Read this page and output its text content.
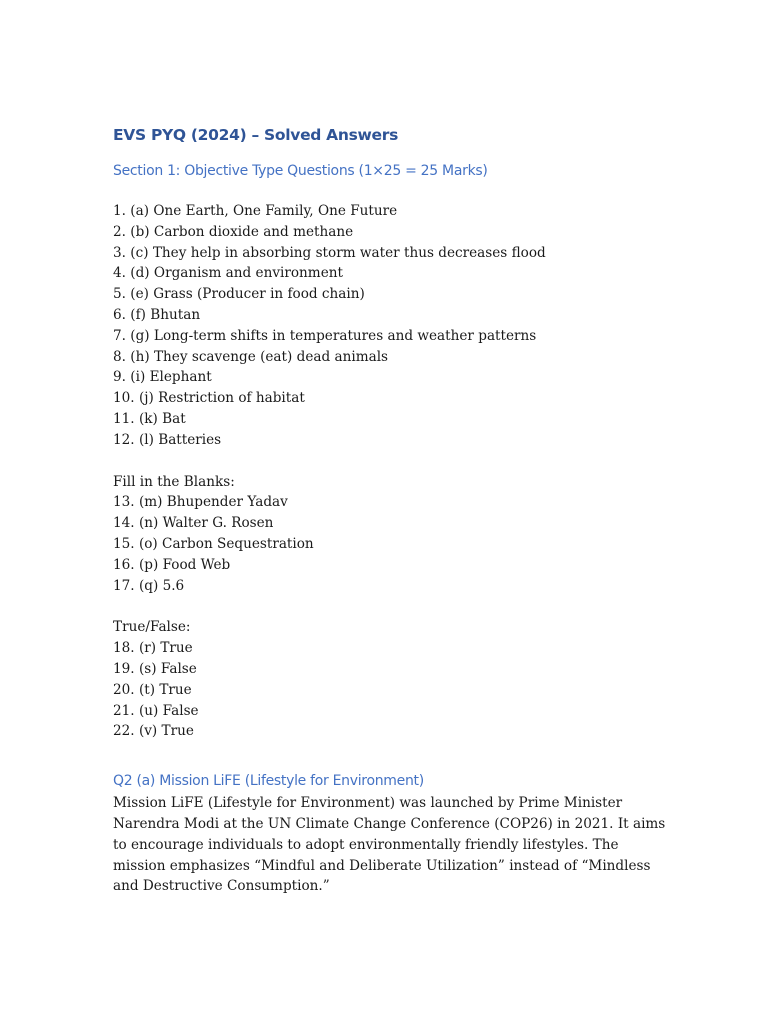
EVS PYQ (2024) – Solved Answers
Section 1: Objective Type Questions (1×25 = 25 Marks)
1. (a) One Earth, One Family, One Future
2. (b) Carbon dioxide and methane
3. (c) They help in absorbing storm water thus decreases flood
4. (d) Organism and environment
5. (e) Grass (Producer in food chain)
6. (f) Bhutan
7. (g) Long-term shifts in temperatures and weather patterns
8. (h) They scavenge (eat) dead animals
9. (i) Elephant
10. (j) Restriction of habitat
11. (k) Bat
12. (l) Batteries

Fill in the Blanks:

13. (m) Bhupender Yadav
14. (n) Walter G. Rosen
15. (o) Carbon Sequestration
16. (p) Food Web
17. (q) 5.6

True/False:

18. (r) True
19. (s) False
20. (t) True
21. (u) False
22. (v) True
Q2 (a) Mission LiFE (Lifestyle for Environment)

Mission LiFE (Lifestyle for Environment) was launched by Prime Minister Narendra Modi at the UN Climate Change Conference (COP26) in 2021. It aims to encourage individuals to adopt environmentally friendly lifestyles. The mission emphasizes “Mindful and Deliberate Utilization” instead of “Mindless and Destructive Consumption.”
